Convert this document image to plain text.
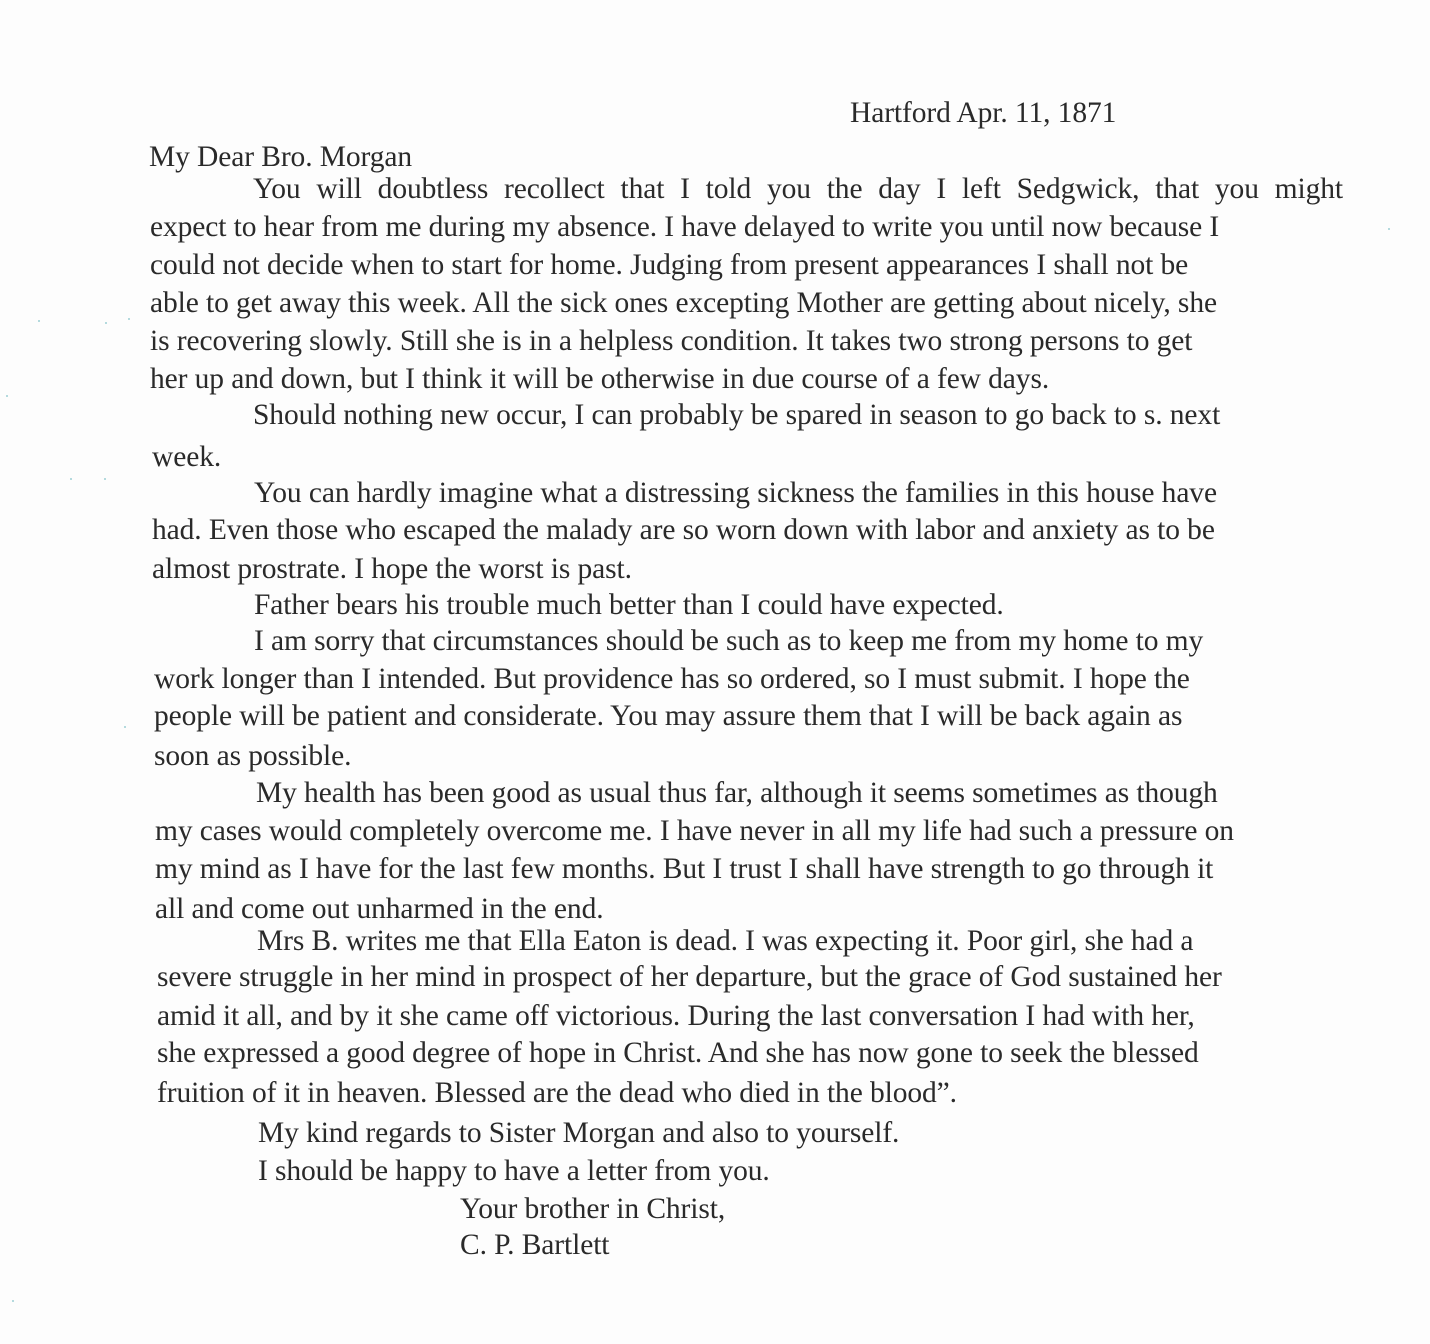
Hartford Apr. 11, 1871
My Dear Bro. Morgan
You will doubtless recollect that I told you the day I left Sedgwick, that you might
expect to hear from me during my absence. I have delayed to write you until now because I
could not decide when to start for home. Judging from present appearances I shall not be
able to get away this week. All the sick ones excepting Mother are getting about nicely, she
is recovering slowly. Still she is in a helpless condition. It takes two strong persons to get
her up and down, but I think it will be otherwise in due course of a few days.
Should nothing new occur, I can probably be spared in season to go back to s. next
week.
You can hardly imagine what a distressing sickness the families in this house have
had. Even those who escaped the malady are so worn down with labor and anxiety as to be
almost prostrate. I hope the worst is past.
Father bears his trouble much better than I could have expected.
I am sorry that circumstances should be such as to keep me from my home to my
work longer than I intended. But providence has so ordered, so I must submit. I hope the
people will be patient and considerate. You may assure them that I will be back again as
soon as possible.
My health has been good as usual thus far, although it seems sometimes as though
my cases would completely overcome me. I have never in all my life had such a pressure on
my mind as I have for the last few months. But I trust I shall have strength to go through it
all and come out unharmed in the end.
Mrs B. writes me that Ella Eaton is dead. I was expecting it. Poor girl, she had a
severe struggle in her mind in prospect of her departure, but the grace of God sustained her
amid it all, and by it she came off victorious. During the last conversation I had with her,
she expressed a good degree of hope in Christ. And she has now gone to seek the blessed
fruition of it in heaven. Blessed are the dead who died in the blood”.
My kind regards to Sister Morgan and also to yourself.
I should be happy to have a letter from you.
Your brother in Christ,
C. P. Bartlett
